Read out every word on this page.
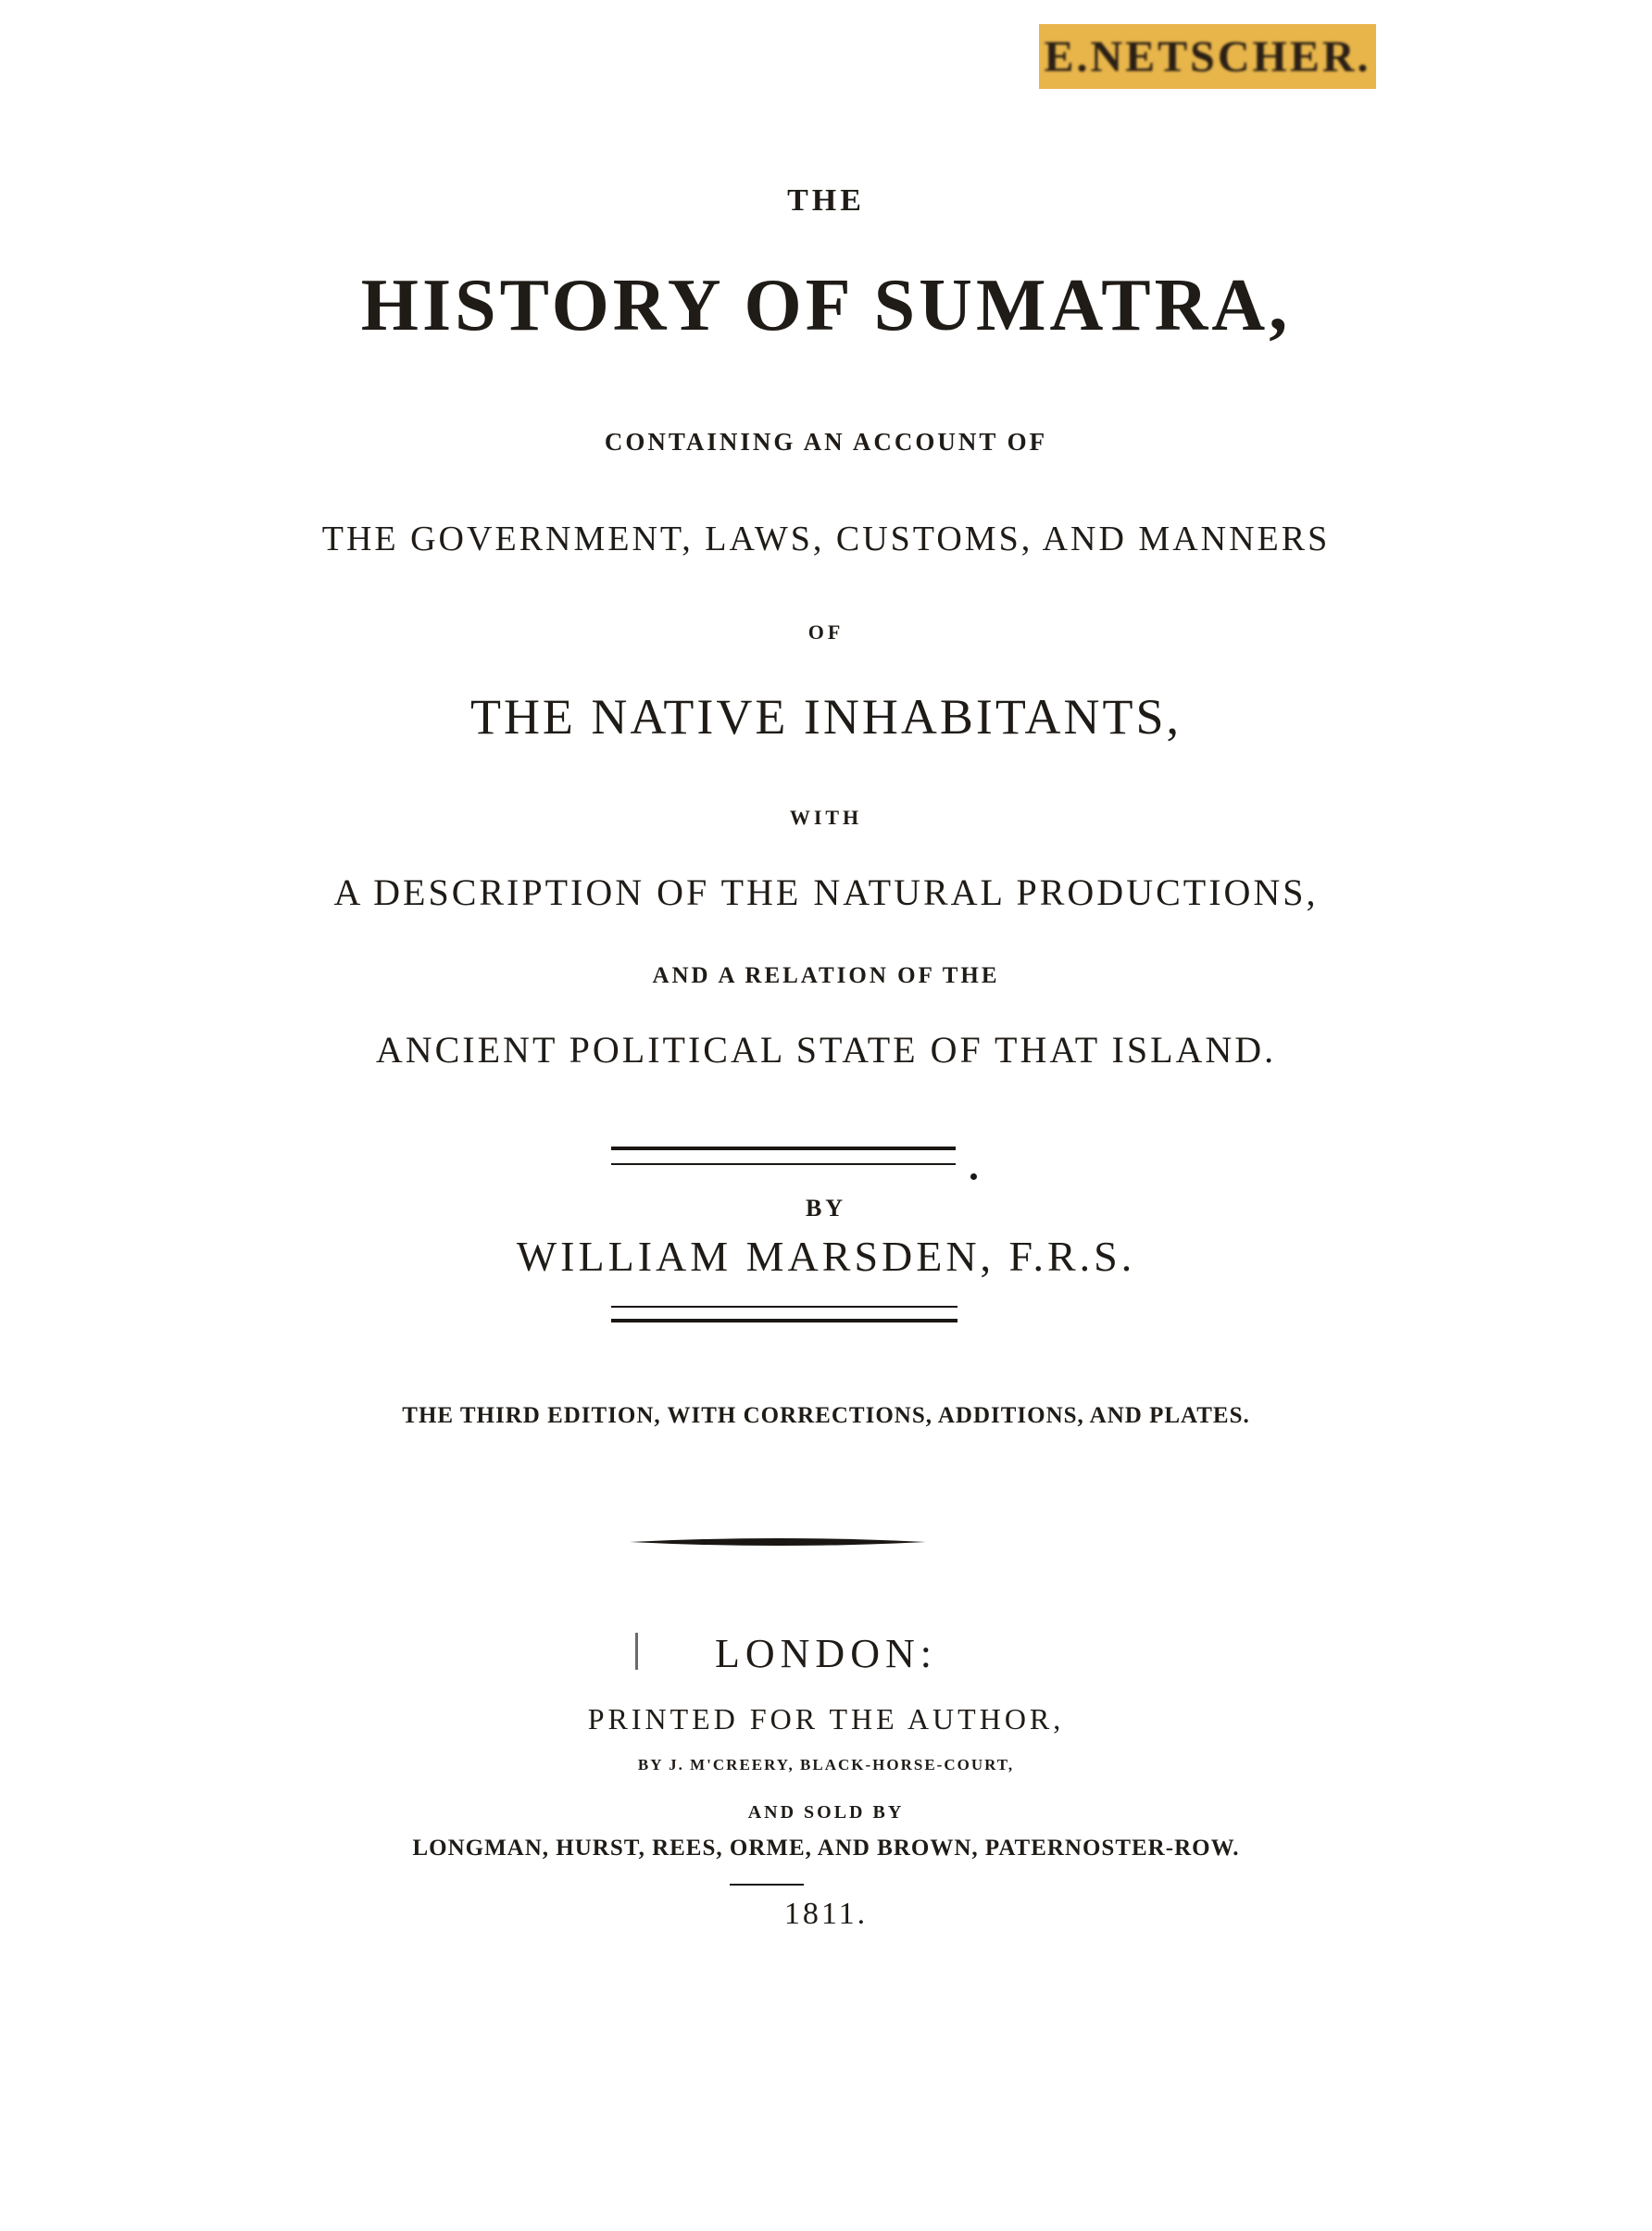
E.NETSCHER.
THE
HISTORY OF SUMATRA,
CONTAINING AN ACCOUNT OF
THE GOVERNMENT, LAWS, CUSTOMS, AND MANNERS
OF
THE NATIVE INHABITANTS,
WITH
A DESCRIPTION OF THE NATURAL PRODUCTIONS,
AND A RELATION OF THE
ANCIENT POLITICAL STATE OF THAT ISLAND.
BY
WILLIAM MARSDEN, F.R.S.
THE THIRD EDITION, WITH CORRECTIONS, ADDITIONS, AND PLATES.
LONDON:
PRINTED FOR THE AUTHOR,
BY J. M'CREERY, BLACK-HORSE-COURT,
AND SOLD BY
LONGMAN, HURST, REES, ORME, AND BROWN, PATERNOSTER-ROW.
1811.
